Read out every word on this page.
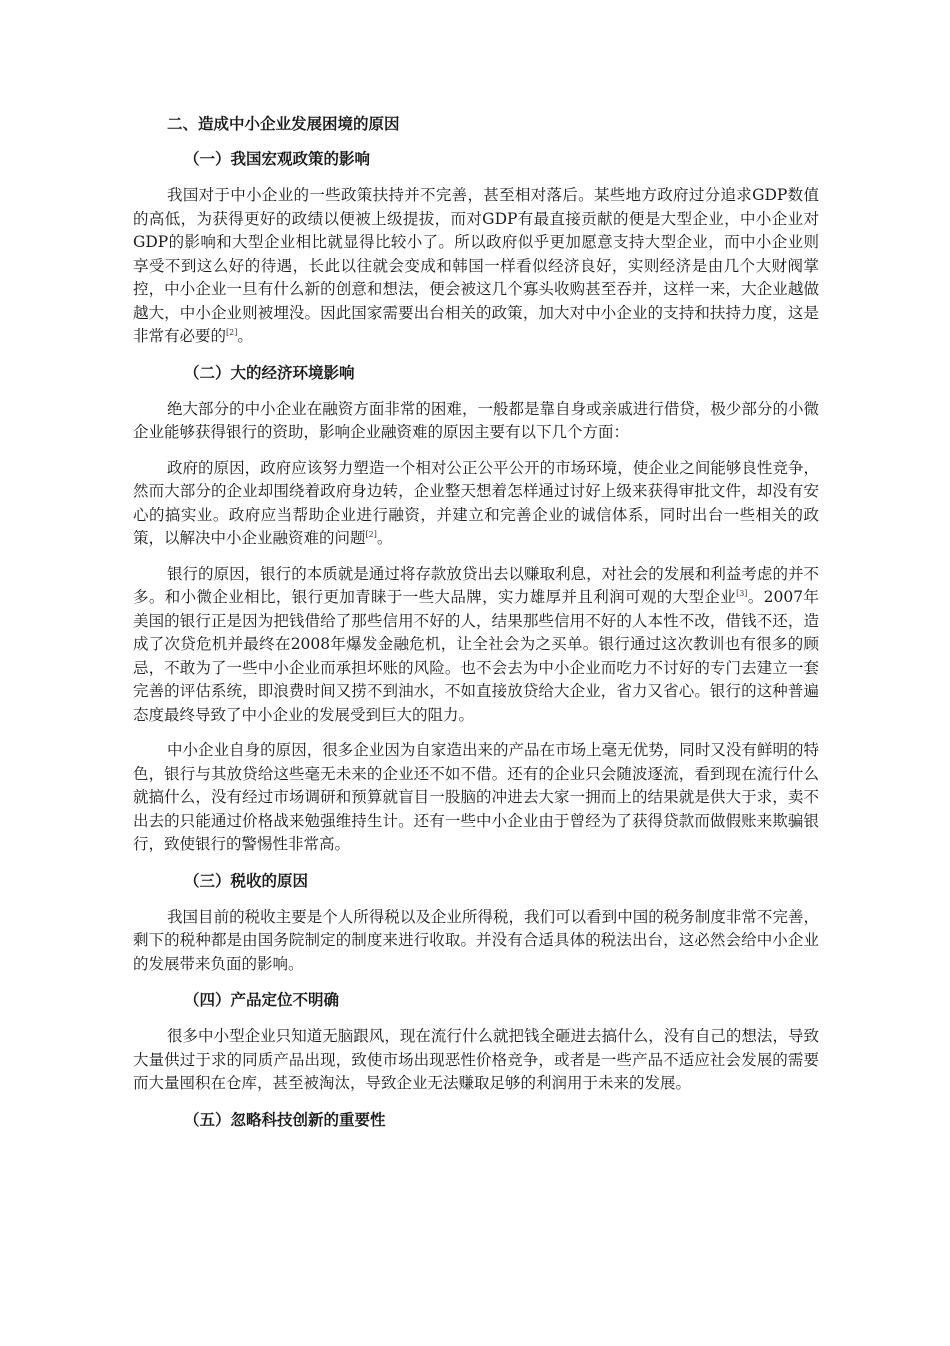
二、造成中小企业发展困境的原因
（一）我国宏观政策的影响

我国对于中小企业的一些政策扶持并不完善，甚至相对落后。某些地方政府过分追求GDP数值的高低，为获得更好的政绩以便被上级提拔，而对GDP有最直接贡献的便是大型企业，中小企业对GDP的影响和大型企业相比就显得比较小了。所以政府似乎更加愿意支持大型企业，而中小企业则享受不到这么好的待遇，长此以往就会变成和韩国一样看似经济良好，实则经济是由几个大财阀掌控，中小企业一旦有什么新的创意和想法，便会被这几个寡头收购甚至吞并，这样一来，大企业越做越大，中小企业则被埋没。因此国家需要出台相关的政策，加大对中小企业的支持和扶持力度，这是非常有必要的[2]。

（二）大的经济环境影响

绝大部分的中小企业在融资方面非常的困难，一般都是靠自身或亲戚进行借贷，极少部分的小微企业能够获得银行的资助，影响企业融资难的原因主要有以下几个方面：

政府的原因，政府应该努力塑造一个相对公正公平公开的市场环境，使企业之间能够良性竞争，然而大部分的企业却围绕着政府身边转，企业整天想着怎样通过讨好上级来获得审批文件，却没有安心的搞实业。政府应当帮助企业进行融资，并建立和完善企业的诚信体系，同时出台一些相关的政策，以解决中小企业融资难的问题[2]。

银行的原因，银行的本质就是通过将存款放贷出去以赚取利息，对社会的发展和利益考虑的并不多。和小微企业相比，银行更加青睐于一些大品牌，实力雄厚并且利润可观的大型企业[3]。2007年美国的银行正是因为把钱借给了那些信用不好的人，结果那些信用不好的人本性不改，借钱不还，造成了次贷危机并最终在2008年爆发金融危机，让全社会为之买单。银行通过这次教训也有很多的顾忌，不敢为了一些中小企业而承担坏账的风险。也不会去为中小企业而吃力不讨好的专门去建立一套完善的评估系统，即浪费时间又捞不到油水，不如直接放贷给大企业，省力又省心。银行的这种普遍态度最终导致了中小企业的发展受到巨大的阻力。

中小企业自身的原因，很多企业因为自家造出来的产品在市场上毫无优势，同时又没有鲜明的特色，银行与其放贷给这些毫无未来的企业还不如不借。还有的企业只会随波逐流，看到现在流行什么就搞什么，没有经过市场调研和预算就盲目一股脑的冲进去大家一拥而上的结果就是供大于求，卖不出去的只能通过价格战来勉强维持生计。还有一些中小企业由于曾经为了获得贷款而做假账来欺骗银行，致使银行的警惕性非常高。

（三）税收的原因

我国目前的税收主要是个人所得税以及企业所得税，我们可以看到中国的税务制度非常不完善，剩下的税种都是由国务院制定的制度来进行收取。并没有合适具体的税法出台，这必然会给中小企业的发展带来负面的影响。

（四）产品定位不明确

很多中小型企业只知道无脑跟风，现在流行什么就把钱全砸进去搞什么，没有自己的想法，导致大量供过于求的同质产品出现，致使市场出现恶性价格竞争，或者是一些产品不适应社会发展的需要而大量囤积在仓库，甚至被淘汰，导致企业无法赚取足够的利润用于未来的发展。

（五）忽略科技创新的重要性
